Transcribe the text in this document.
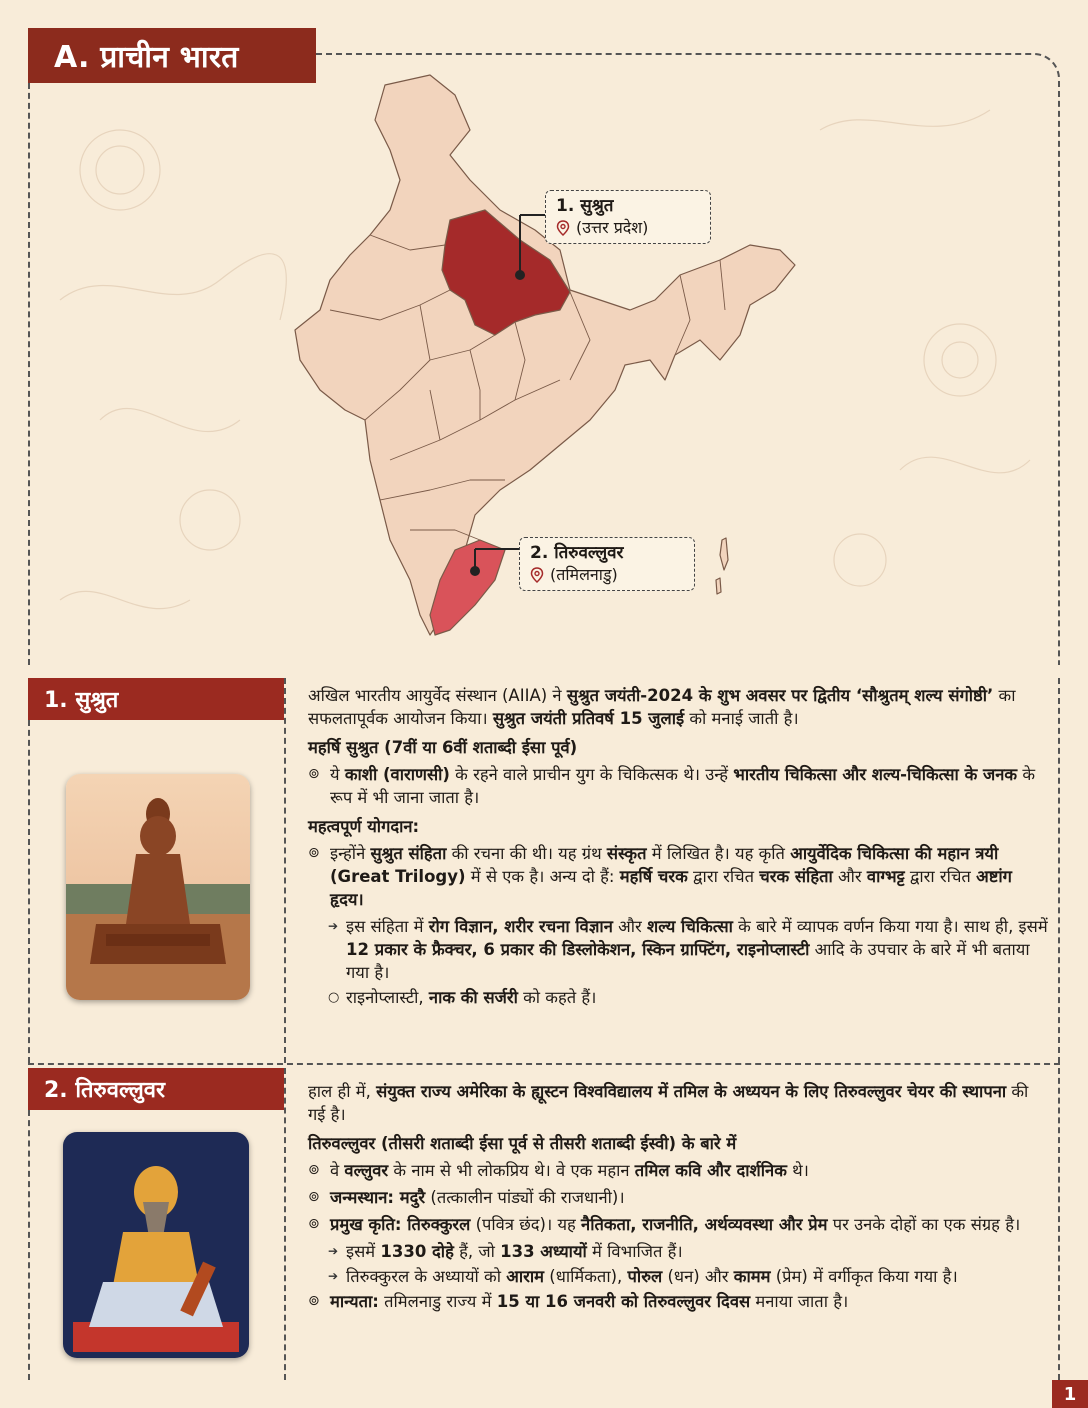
A. प्राचीन भारत
1. सुश्रुत
(उत्तर प्रदेश)
2. तिरुवल्लुवर
(तमिलनाडु)
1. सुश्रुत	अखिल भारतीय आयुर्वेद संस्थान (AIIA) ने सुश्रुत जयंती-2024 के शुभ अवसर पर द्वितीय ‘सौश्रुतम् शल्य संगोष्ठी’ का सफलतापूर्वक आयोजन किया। सुश्रुत जयंती प्रतिवर्ष 15 जुलाई को मनाई जाती है।

महर्षि सुश्रुत (7वीं या 6वीं शताब्दी ईसा पूर्व)
⊚ ये काशी (वाराणसी) के रहने वाले प्राचीन युग के चिकित्सक थे। उन्हें भारतीय चिकित्सा और शल्य-चिकित्सा के जनक के रूप में भी जाना जाता है।
महत्वपूर्ण योगदान:
⊚ इन्होंने सुश्रुत संहिता की रचना की थी। यह ग्रंथ संस्कृत में लिखित है। यह कृति आयुर्वेदिक चिकित्सा की महान त्रयी (Great Trilogy) में से एक है। अन्य दो हैं: महर्षि चरक द्वारा रचित चरक संहिता और वाग्भट्ट द्वारा रचित अष्टांग हृदय।
➔ इस संहिता में रोग विज्ञान, शरीर रचना विज्ञान और शल्य चिकित्सा के बारे में व्यापक वर्णन किया गया है। साथ ही, इसमें 12 प्रकार के फ्रैक्चर, 6 प्रकार की डिस्लोकेशन, स्किन ग्राफ्टिंग, राइनोप्लास्टी आदि के उपचार के बारे में भी बताया गया है।
○ राइनोप्लास्टी, नाक की सर्जरी को कहते हैं।
2. तिरुवल्लुवर	हाल ही में, संयुक्त राज्य अमेरिका के ह्यूस्टन विश्वविद्यालय में तमिल के अध्ययन के लिए तिरुवल्लुवर चेयर की स्थापना की गई है।

तिरुवल्लुवर (तीसरी शताब्दी ईसा पूर्व से तीसरी शताब्दी ईस्वी) के बारे में
⊚ वे वल्लुवर के नाम से भी लोकप्रिय थे। वे एक महान तमिल कवि और दार्शनिक थे।
⊚ जन्मस्थान: मदुरै (तत्कालीन पांड्यों की राजधानी)।
⊚ प्रमुख कृति: तिरुक्कुरल (पवित्र छंद)। यह नैतिकता, राजनीति, अर्थव्यवस्था और प्रेम पर उनके दोहों का एक संग्रह है।
➔ इसमें 1330 दोहे हैं, जो 133 अध्यायों में विभाजित हैं।
➔ तिरुक्कुरल के अध्यायों को आराम (धार्मिकता), पोरुल (धन) और कामम (प्रेम) में वर्गीकृत किया गया है।
⊚ मान्यता: तमिलनाडु राज्य में 15 या 16 जनवरी को तिरुवल्लुवर दिवस मनाया जाता है।
1
